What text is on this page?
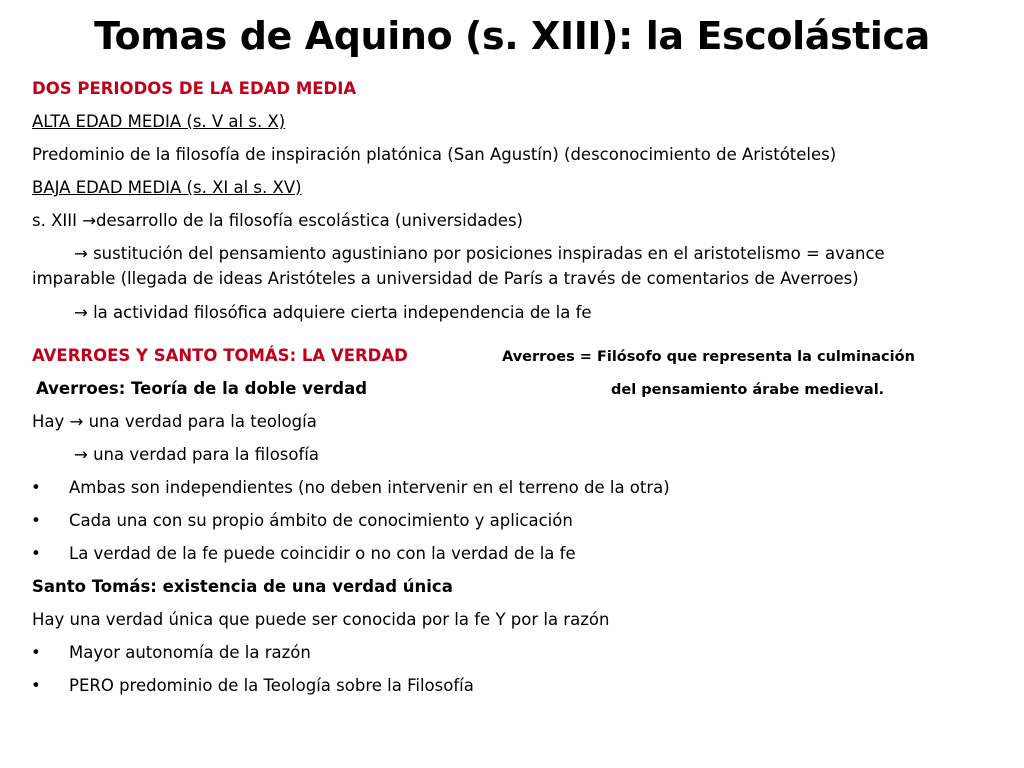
Tomas de Aquino (s. XIII): la Escolástica
DOS PERIODOS DE LA EDAD MEDIA
ALTA EDAD MEDIA (s. V al s. X)
Predominio de la filosofía de inspiración platónica (San Agustín) (desconocimiento de Aristóteles)
BAJA EDAD MEDIA (s. XI al s. XV)
s. XIII →desarrollo de la filosofía escolástica (universidades)
→ sustitución del pensamiento agustiniano por posiciones inspiradas en el aristotelismo = avance
imparable (llegada de ideas Aristóteles a universidad de París a través de comentarios de Averroes)
→ la actividad filosófica adquiere cierta independencia de la fe
AVERROES Y SANTO TOMÁS: LA VERDAD	Averroes = Filósofo que representa la culminación
Averroes: Teoría de la doble verdad	del pensamiento árabe medieval.
Hay → una verdad para la teología
→ una verdad para la filosofía
• Ambas son independientes (no deben intervenir en el terreno de la otra)
• Cada una con su propio ámbito de conocimiento y aplicación
• La verdad de la fe puede coincidir o no con la verdad de la fe
Santo Tomás: existencia de una verdad única
Hay una verdad única que puede ser conocida por la fe Y por la razón
• Mayor autonomía de la razón
• PERO predominio de la Teología sobre la Filosofía
